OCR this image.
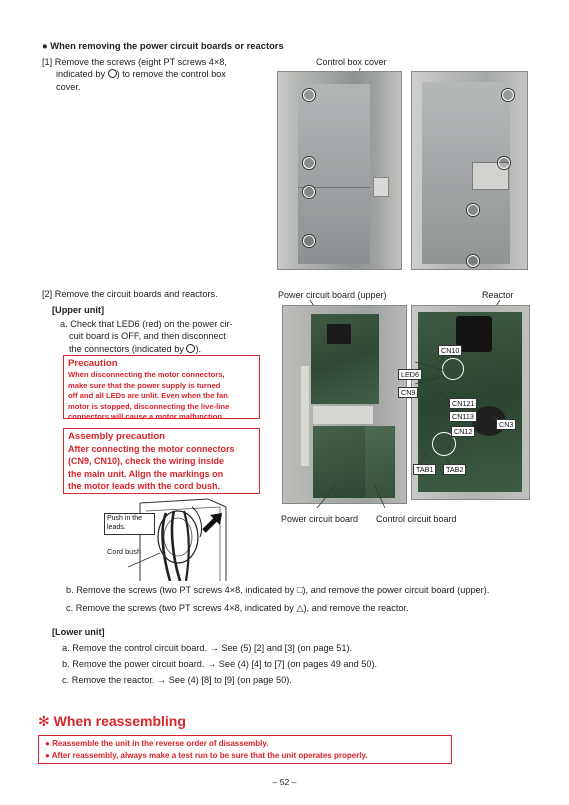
● When removing the power circuit boards or reactors
[1] Remove the screws (eight PT screws 4×8,
indicated by ) to remove the control box
cover.
Control box cover
[2] Remove the circuit boards and reactors.
[Upper unit]
a. Check that LED6 (red) on the power cir-
cuit board is OFF, and then disconnect
the connectors (indicated by ).
Precaution
When disconnecting the motor connectors,
make sure that the power supply is turned
off and all LEDs are unlit. Even when the fan
motor is stopped, disconnecting the live-line
connectors will cause a motor malfunction.
Assembly precaution
After connecting the motor connectors
(CN9, CN10), check the wiring inside
the main unit. Align the markings on
the motor leads with the cord bush.
Push in the
leads.
Cord bush
Power circuit board (upper)
Power circuit board Control circuit board
Reactor
CN10
LED6
CN9
CN121
CN113
CN3
CN12
TAB1	TAB2
b. Remove the screws (two PT screws 4×8, indicated by □), and remove the power circuit board (upper).
c. Remove the screws (two PT screws 4×8, indicated by △), and remove the reactor.
[Lower unit]
a. Remove the control circuit board. → See (5) [2] and [3] (on page 51).
b. Remove the power circuit board. → See (4) [4] to [7] (on pages 49 and 50).
c. Remove the reactor. → See (4) [8] to [9] (on page 50).
✻ When reassembling
● Reassemble the unit in the reverse order of disassembly.
● After reassembly, always make a test run to be sure that the unit operates properly.
– 52 –
